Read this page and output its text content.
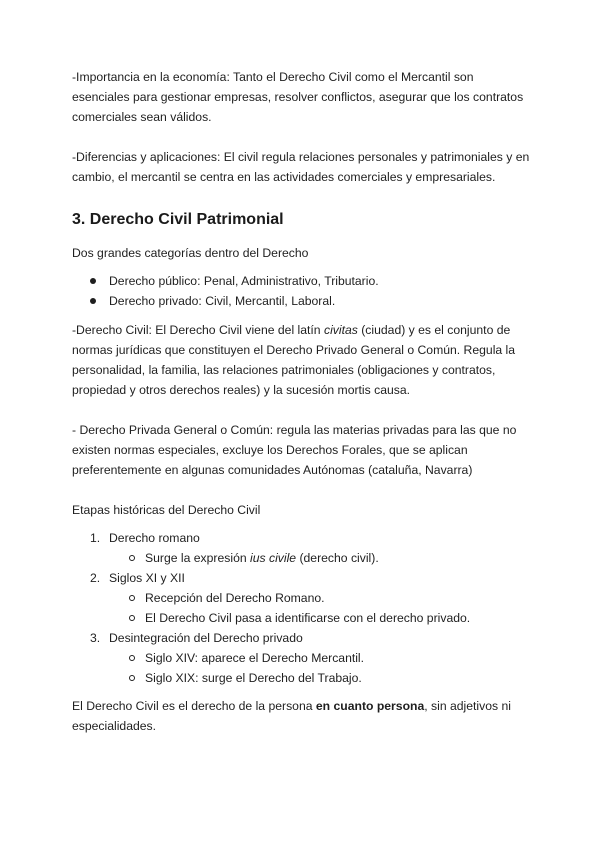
-Importancia en la economía: Tanto el Derecho Civil como el Mercantil son esenciales para gestionar empresas, resolver conflictos, asegurar que los contratos comerciales sean válidos.

-Diferencias y aplicaciones: El civil regula relaciones personales y patrimoniales y en cambio, el mercantil se centra en las actividades comerciales y empresariales.

3. Derecho Civil Patrimonial

Dos grandes categorías dentro del Derecho

Derecho público: Penal, Administrativo, Tributario.
Derecho privado: Civil, Mercantil, Laboral.

-Derecho Civil: El Derecho Civil viene del latín civitas (ciudad) y es el conjunto de normas jurídicas que constituyen el Derecho Privado General o Común. Regula la personalidad, la familia, las relaciones patrimoniales (obligaciones y contratos, propiedad y otros derechos reales) y la sucesión mortis causa.

- Derecho Privada General o Común: regula las materias privadas para las que no existen normas especiales, excluye los Derechos Forales, que se aplican preferentemente en algunas comunidades Autónomas (cataluña, Navarra)

Etapas históricas del Derecho Civil

1. Derecho romano
Surge la expresión ius civile (derecho civil).
2. Siglos XI y XII
Recepción del Derecho Romano.
El Derecho Civil pasa a identificarse con el derecho privado.
3. Desintegración del Derecho privado
Siglo XIV: aparece el Derecho Mercantil.
Siglo XIX: surge el Derecho del Trabajo.

El Derecho Civil es el derecho de la persona en cuanto persona, sin adjetivos ni especialidades.
